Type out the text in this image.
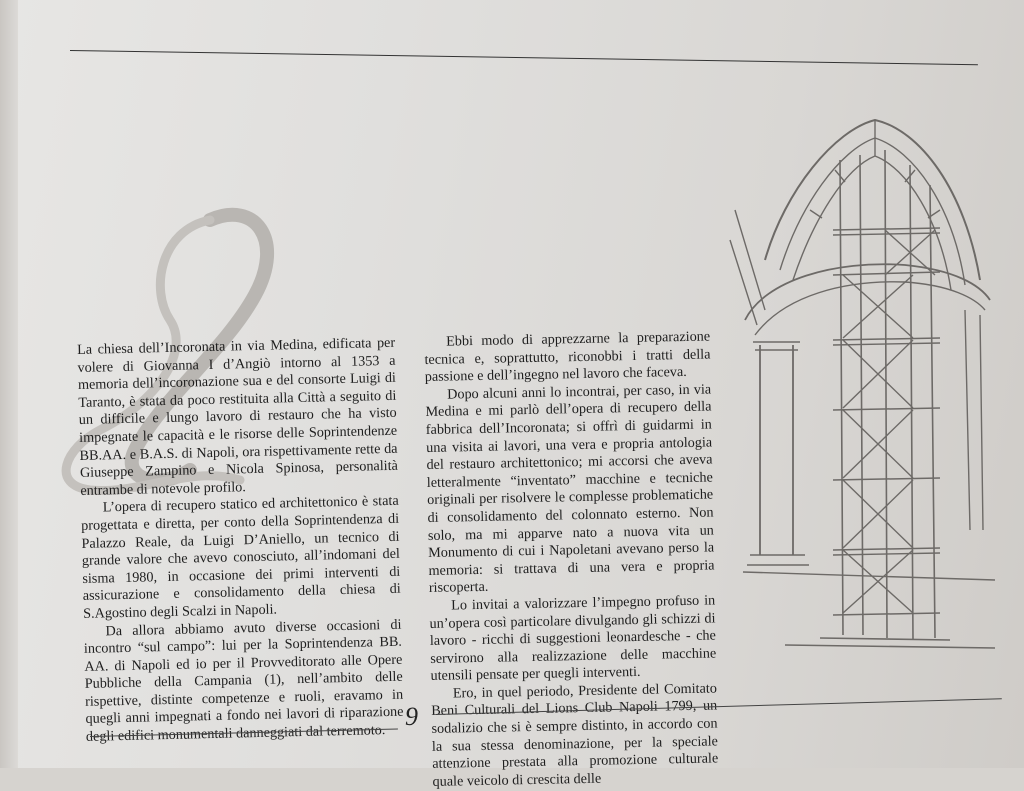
L

La chiesa dell’Incoronata in via Medina, edificata per volere di Giovanna I d’Angiò intorno al 1353 a memoria dell’incoronazione sua e del consorte Luigi di Taranto, è stata da poco restituita alla Città a seguito di un difficile e lungo lavoro di restauro che ha visto impegnate le capacità e le risorse delle Soprintendenze BB.AA. e B.A.S. di Napoli, ora rispettivamente rette da Giuseppe Zampino e Nicola Spinosa, personalità entrambe di notevole profilo.

L’opera di recupero statico ed architettonico è stata progettata e diretta, per conto della Soprintendenza di Palazzo Reale, da Luigi D’Aniello, un tecnico di grande valore che avevo conosciuto, all’indomani del sisma 1980, in occasione dei primi interventi di assicurazione e consolidamento della chiesa di S.Agostino degli Scalzi in Napoli.

Da allora abbiamo avuto diverse occasioni di incontro “sul campo”: lui per la Soprintendenza BB. AA. di Napoli ed io per il Provveditorato alle Opere Pubbliche della Campania (1), nell’ambito delle rispettive, distinte competenze e ruoli, eravamo in quegli anni impegnati a fondo nei lavori di riparazione degli edifici monumentali danneggiati dal terremoto.

Ebbi modo di apprezzarne la preparazione tecnica e, soprattutto, riconobbi i tratti della passione e dell’ingegno nel lavoro che faceva.

Dopo alcuni anni lo incontrai, per caso, in via Medina e mi parlò dell’opera di recupero della fabbrica dell’Incoronata; si offrì di guidarmi in una visita ai lavori, una vera e propria antologia del restauro architettonico; mi accorsi che aveva letteralmente “inventato” macchine e tecniche originali per risolvere le complesse problematiche di consolidamento del colonnato esterno. Non solo, ma mi apparve nato a nuova vita un Monumento di cui i Napoletani avevano perso la memoria: si trattava di una vera e propria riscoperta.

Lo invitai a valorizzare l’impegno profuso in un’opera così particolare divulgando gli schizzi di lavoro - ricchi di suggestioni leonardesche - che servirono alla realizzazione delle macchine utensili pensate per quegli interventi.

Ero, in quel periodo, Presidente del Comitato Beni Culturali del Lions Club Napoli 1799, un sodalizio che si è sempre distinto, in accordo con la sua stessa denominazione, per la speciale attenzione prestata alla promozione culturale quale veicolo di crescita delle

9
